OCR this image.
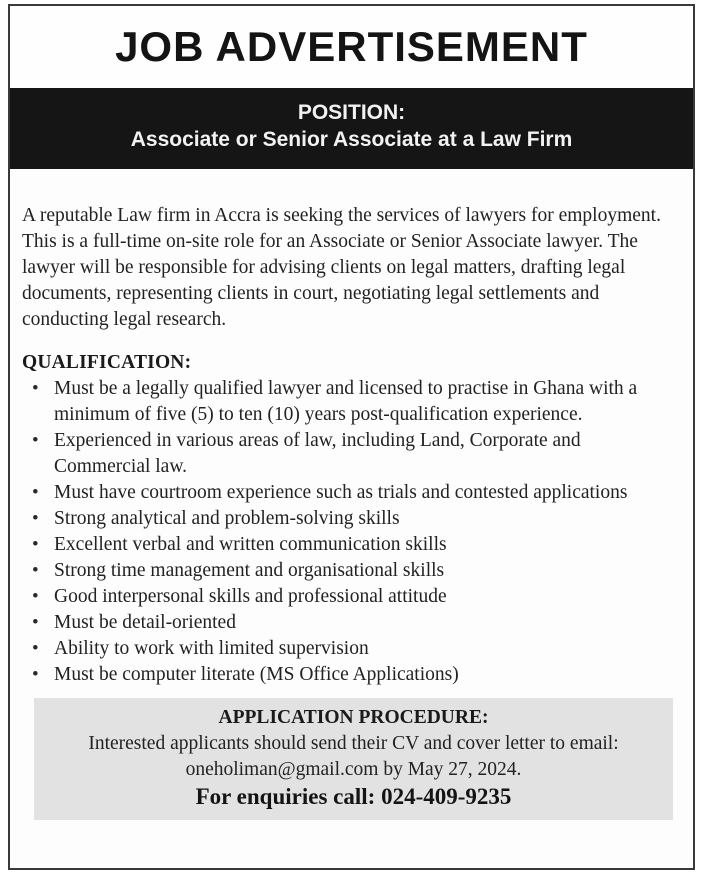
JOB ADVERTISEMENT
POSITION:
Associate or Senior Associate at a Law Firm

A reputable Law firm in Accra is seeking the services of lawyers for employment.

This is a full-time on-site role for an Associate or Senior Associate lawyer. The lawyer will be responsible for advising clients on legal matters, drafting legal documents, representing clients in court, negotiating legal settlements and conducting legal research.

QUALIFICATION:
• Must be a legally qualified lawyer and licensed to practise in Ghana with a minimum of five (5) to ten (10) years post-qualification experience.
• Experienced in various areas of law, including Land, Corporate and Commercial law.
• Must have courtroom experience such as trials and contested applications
• Strong analytical and problem-solving skills
• Excellent verbal and written communication skills
• Strong time management and organisational skills
• Good interpersonal skills and professional attitude
• Must be detail-oriented
• Ability to work with limited supervision
• Must be computer literate (MS Office Applications)
APPLICATION PROCEDURE:
Interested applicants should send their CV and cover letter to email:
oneholiman@gmail.com by May 27, 2024.
For enquiries call: 024-409-9235
